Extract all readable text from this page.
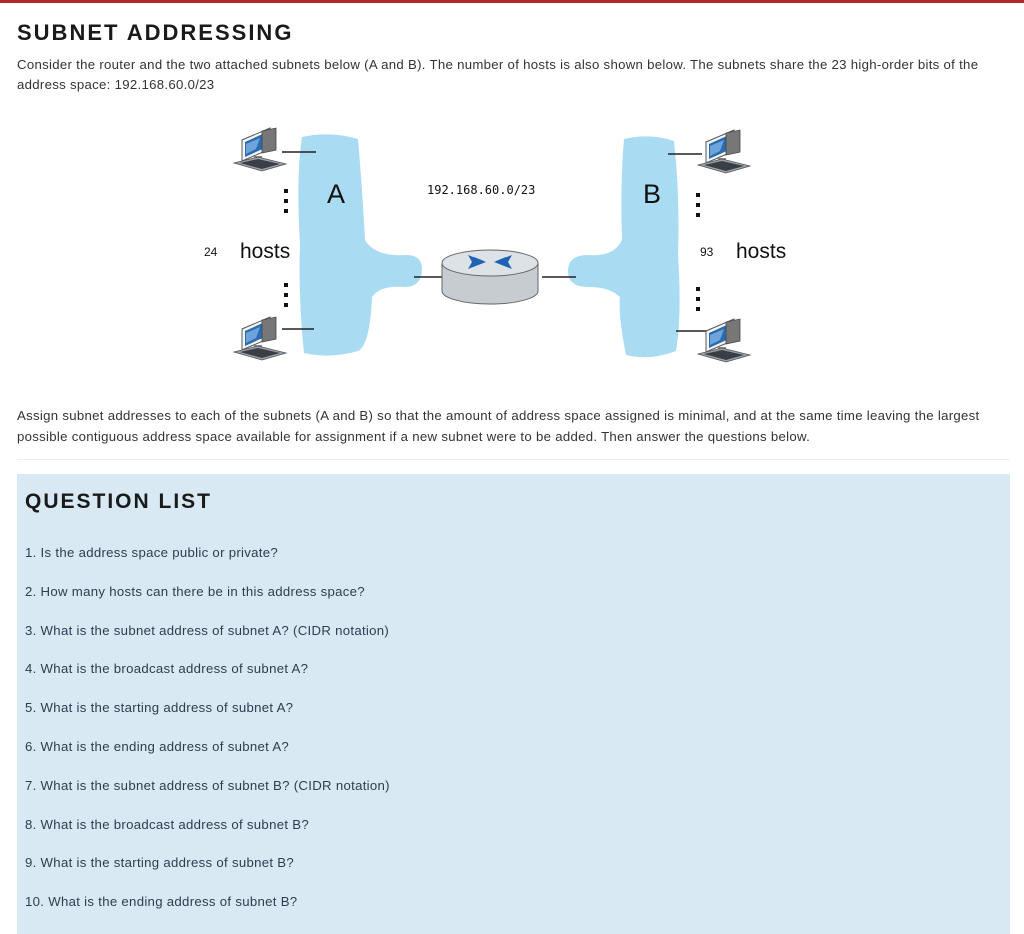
SUBNET ADDRESSING

Consider the router and the two attached subnets below (A and B). The number of hosts is also shown below. The subnets share the 23 high-order bits of the address space: 192.168.60.0/23

A	B
192.168.60.0/23
24 hosts	93 hosts

Assign subnet addresses to each of the subnets (A and B) so that the amount of address space assigned is minimal, and at the same time leaving the largest possible contiguous address space available for assignment if a new subnet were to be added. Then answer the questions below.

QUESTION LIST
1. Is the address space public or private?
2. How many hosts can there be in this address space?
3. What is the subnet address of subnet A? (CIDR notation)
4. What is the broadcast address of subnet A?
5. What is the starting address of subnet A?
6. What is the ending address of subnet A?
7. What is the subnet address of subnet B? (CIDR notation)
8. What is the broadcast address of subnet B?
9. What is the starting address of subnet B?
10. What is the ending address of subnet B?
